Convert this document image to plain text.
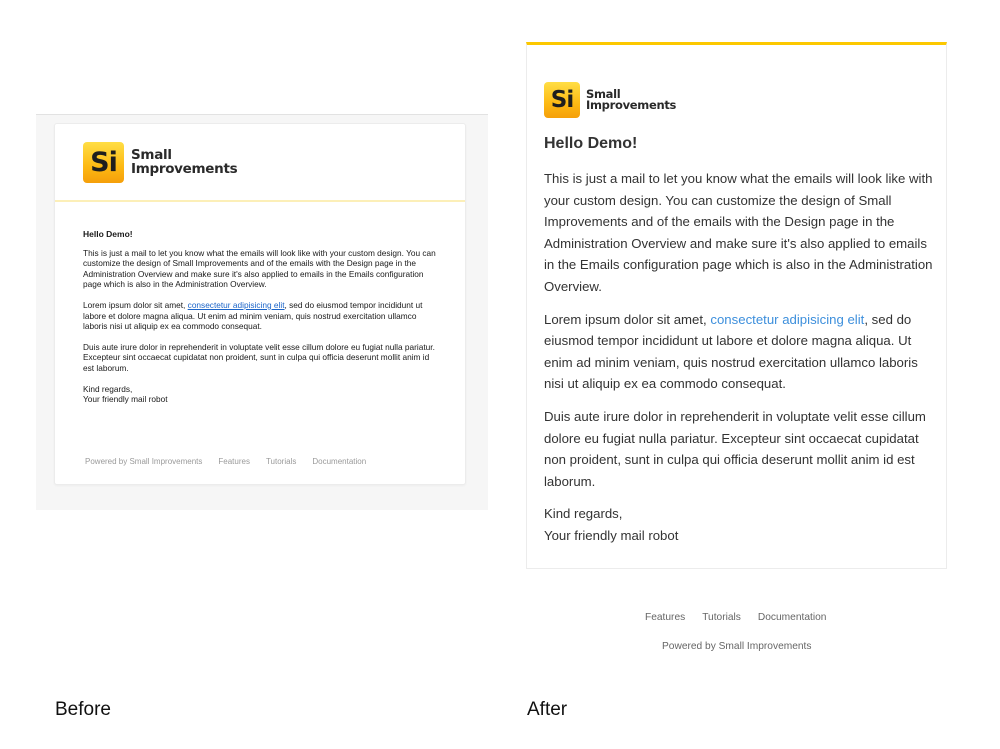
Si Small
Improvements
Hello Demo!

This is just a mail to let you know what the emails will look like with your custom design. You can customize the design of Small Improvements and of the emails with the Design page in the Administration Overview and make sure it's also applied to emails in the Emails configuration page which is also in the Administration Overview.

Lorem ipsum dolor sit amet, consectetur adipisicing elit, sed do eiusmod tempor incididunt ut labore et dolore magna aliqua. Ut enim ad minim veniam, quis nostrud exercitation ullamco laboris nisi ut aliquip ex ea commodo consequat.

Duis aute irure dolor in reprehenderit in voluptate velit esse cillum dolore eu fugiat nulla pariatur. Excepteur sint occaecat cupidatat non proident, sunt in culpa qui officia deserunt mollit anim id est laborum.

Kind regards,
Your friendly mail robot

Powered by Small Improvements Features Tutorials Documentation
Si Small
Improvements
Hello Demo!

This is just a mail to let you know what the emails will look like with your custom design. You can customize the design of Small Improvements and of the emails with the Design page in the Administration Overview and make sure it's also applied to emails in the Emails configuration page which is also in the Administration Overview.

Lorem ipsum dolor sit amet, consectetur adipisicing elit, sed do eiusmod tempor incididunt ut labore et dolore magna aliqua. Ut enim ad minim veniam, quis nostrud exercitation ullamco laboris nisi ut aliquip ex ea commodo consequat.

Duis aute irure dolor in reprehenderit in voluptate velit esse cillum dolore eu fugiat nulla pariatur. Excepteur sint occaecat cupidatat non proident, sunt in culpa qui officia deserunt mollit anim id est laborum.

Kind regards,
Your friendly mail robot

Features Tutorials Documentation
Powered by Small Improvements
Before	After
